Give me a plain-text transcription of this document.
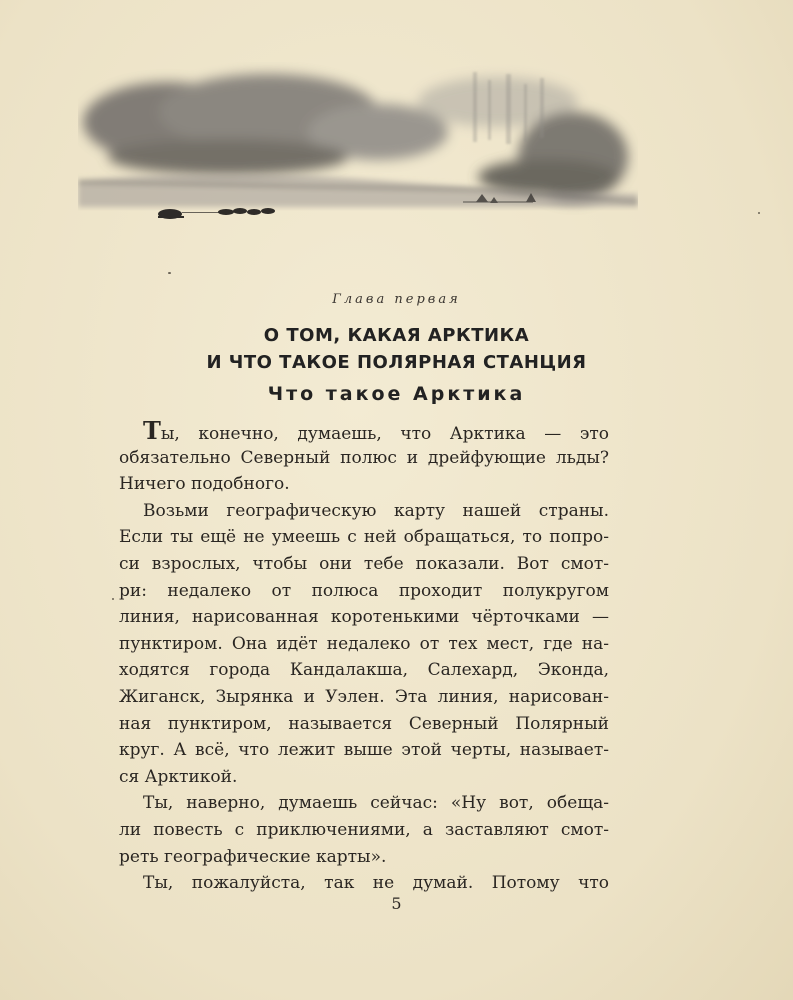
Глава первая
О ТОМ, КАКАЯ АРКТИКА
И ЧТО ТАКОЕ ПОЛЯРНАЯ СТАНЦИЯ
Что такое Арктика
Ты, конечно, думаешь, что Арктика — это
обязательно Северный полюс и дрейфующие льды?
Ничего подобного.
Возьми географическую карту нашей страны.
Если ты ещё не умеешь с ней обращаться, то попро-
си взрослых, чтобы они тебе показали. Вот смот-
ри: недалеко от полюса проходит полукругом
линия, нарисованная коротенькими чёрточками —
пунктиром. Она идёт недалеко от тех мест, где на-
ходятся города Кандалакша, Салехард, Эконда,
Жиганск, Зырянка и Уэлен. Эта линия, нарисован-
ная пунктиром, называется Северный Полярный
круг. А всё, что лежит выше этой черты, называет-
ся Арктикой.
Ты, наверно, думаешь сейчас: «Ну вот, обеща-
ли повесть с приключениями, а заставляют смот-
реть географические карты».
Ты, пожалуйста, так не думай. Потому что
5
